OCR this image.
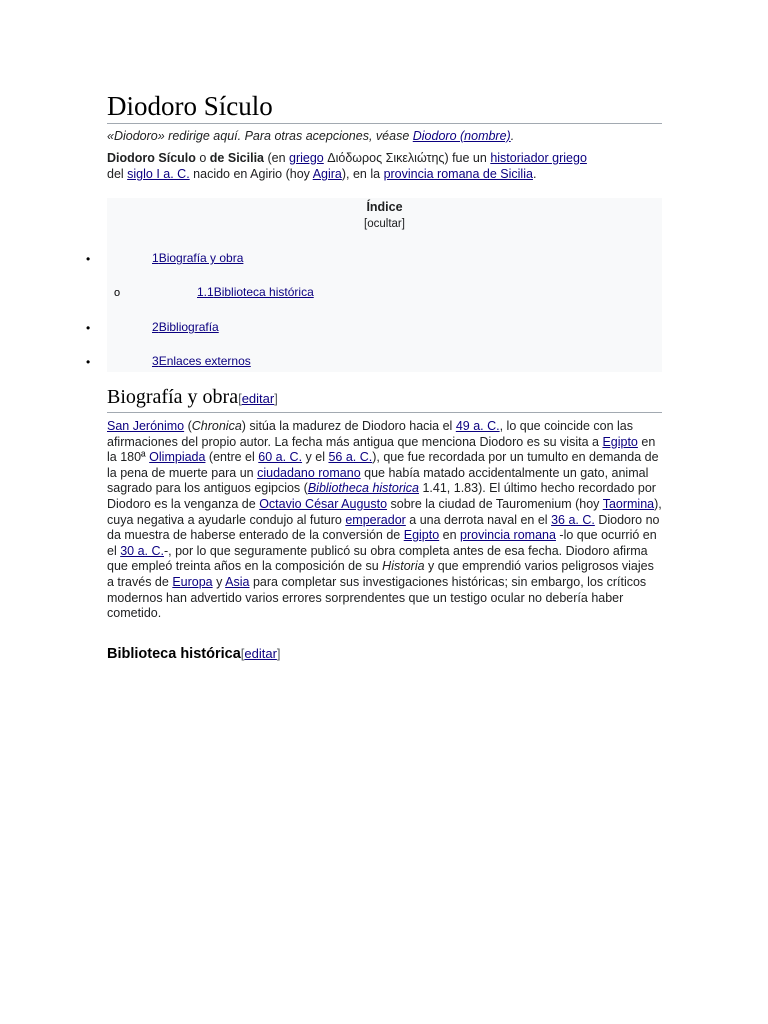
Diodoro Sículo

«Diodoro» redirige aquí. Para otras acepciones, véase Diodoro (nombre).

Diodoro Sículo o de Sicilia (en griego Διόδωρος Σικελιώτης) fue un historiador griego del siglo I a. C. nacido en Agirio (hoy Agira), en la provincia romana de Sicilia.

Índice
[ocultar]
•	1Biografía y obra
o	1.1Biblioteca histórica
•	2Bibliografía
•	3Enlaces externos
Biografía y obra[editar]

San Jerónimo (Chronica) sitúa la madurez de Diodoro hacia el 49 a. C., lo que coincide con las afirmaciones del propio autor. La fecha más antigua que menciona Diodoro es su visita a Egipto en la 180ª Olimpiada (entre el 60 a. C. y el 56 a. C.), que fue recordada por un tumulto en demanda de la pena de muerte para un ciudadano romano que había matado accidentalmente un gato, animal sagrado para los antiguos egipcios (Bibliotheca historica 1.41, 1.83). El último hecho recordado por Diodoro es la venganza de Octavio César Augusto sobre la ciudad de Tauromenium (hoy Taormina), cuya negativa a ayudarle condujo al futuro emperador a una derrota naval en el 36 a. C. Diodoro no da muestra de haberse enterado de la conversión de Egipto en provincia romana -lo que ocurrió en el 30 a. C.-, por lo que seguramente publicó su obra completa antes de esa fecha. Diodoro afirma que empleó treinta años en la composición de su Historia y que emprendió varios peligrosos viajes a través de Europa y Asia para completar sus investigaciones históricas; sin embargo, los críticos modernos han advertido varios errores sorprendentes que un testigo ocular no debería haber cometido.

Biblioteca histórica[editar]
